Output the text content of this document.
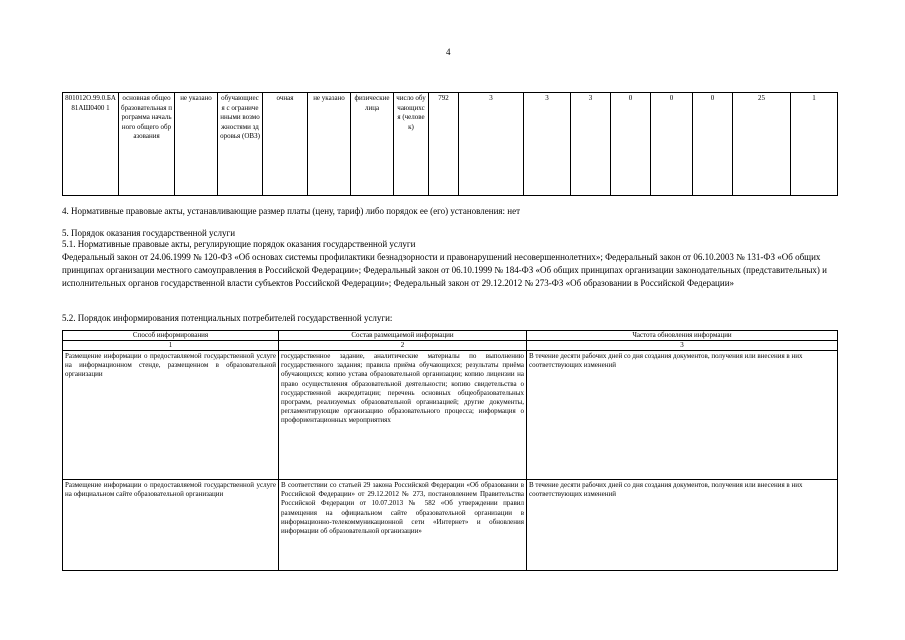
4
801012О.99.0.БА81АШ0400 1	основная общеобразовательная программа начального общего образования	не указано	обучающиеся с ограниченными возможностями здоровья (ОВЗ)	очная	не указано	физические лица	число обучающихся (человек)	792	3	3	3	0	0	0	25	1
4. Нормативные правовые акты, устанавливающие размер платы (цену, тариф) либо порядок ее (его) установления: нет
5. Порядок оказания государственной услуги
5.1. Нормативные правовые акты, регулирующие порядок оказания государственной услуги
Федеральный закон от 24.06.1999 № 120-ФЗ «Об основах системы профилактики безнадзорности и правонарушений несовершеннолетних»; Федеральный закон от 06.10.2003 № 131-ФЗ «Об общих принципах организации местного самоуправления в Российской Федерации»; Федеральный закон от 06.10.1999 № 184-ФЗ «Об общих принципах организации законодательных (представительных) и исполнительных органов государственной власти субъектов Российской Федерации»; Федеральный закон от 29.12.2012 № 273-ФЗ «Об образовании в Российской Федерации»
5.2. Порядок информирования потенциальных потребителей государственной услуги:
Способ информирования	Состав размещаемой информации	Частота обновления информации
1	2	3
Размещение информации о предоставляемой государственной услуге на информационном стенде, размещенном в образовательной организации	государственное задание, аналитические материалы по выполнению государственного задания; правила приёма обучающихся; результаты приёма обучающихся; копию устава образовательной организации; копию лицензии на право осуществления образовательной деятельности; копию свидетельства о государственной аккредитации; перечень основных общеобразовательных программ, реализуемых образовательной организацией; другие документы, регламентирующие организацию образовательного процесса; информация о профориентационных мероприятиях	В течение десяти рабочих дней со дня создания документов, получения или внесения в них соответствующих изменений
Размещение информации о предоставляемой государственной услуге на официальном сайте образовательной организации	В соответствии со статьей 29 закона Российской Федерации «Об образовании в Российской Федерации» от 29.12.2012 № 273, постановлением Правительства Российской Федерации от 10.07.2013 № 582 «Об утверждении правил размещения на официальном сайте образовательной организации в информационно-телекоммуникационной сети «Интернет» и обновления информации об образовательной организации»	В течение десяти рабочих дней со дня создания документов, получения или внесения в них соответствующих изменений
